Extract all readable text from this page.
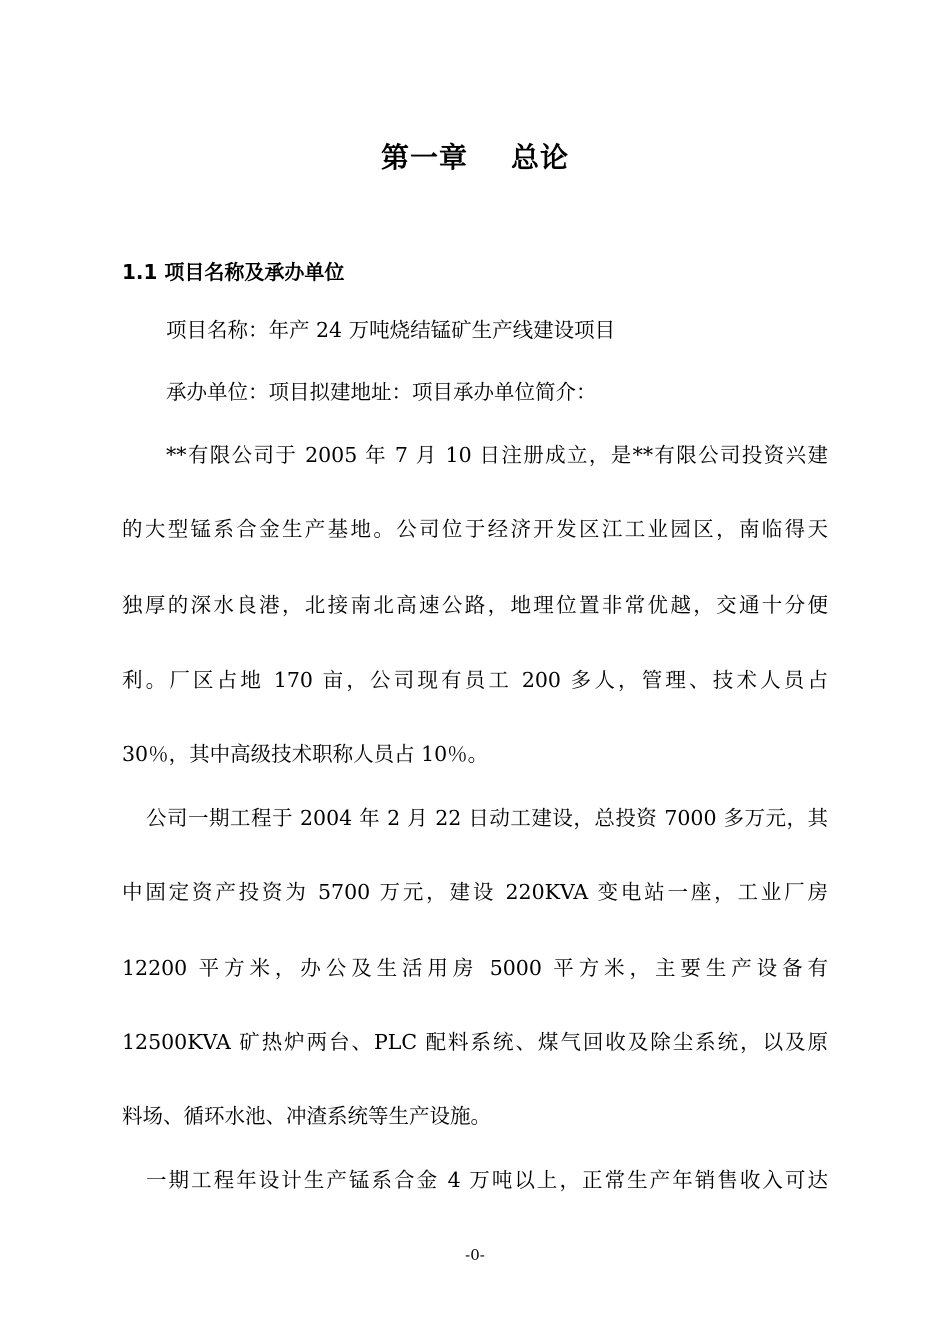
第一章    总论
1.1 项目名称及承办单位

项目名称：年产 24 万吨烧结锰矿生产线建设项目

承办单位：项目拟建地址：项目承办单位简介：

**有限公司于 2005 年 7 月 10 日注册成立，是**有限公司投资兴建

的大型锰系合金生产基地。公司位于经济开发区江工业园区，南临得天

独厚的深水良港，北接南北高速公路，地理位置非常优越，交通十分便

利。厂区占地 170 亩，公司现有员工 200 多人，管理、技术人员占

30％，其中高级技术职称人员占 10％。

公司一期工程于 2004 年 2 月 22 日动工建设，总投资 7000 多万元，其

中固定资产投资为 5700 万元，建设 220KVA 变电站一座，工业厂房

12200 平方米，办公及生活用房 5000 平方米，主要生产设备有

12500KVA 矿热炉两台、PLC 配料系统、煤气回收及除尘系统，以及原

料场、循环水池、冲渣系统等生产设施。

一期工程年设计生产锰系合金 4 万吨以上，正常生产年销售收入可达

-0-
